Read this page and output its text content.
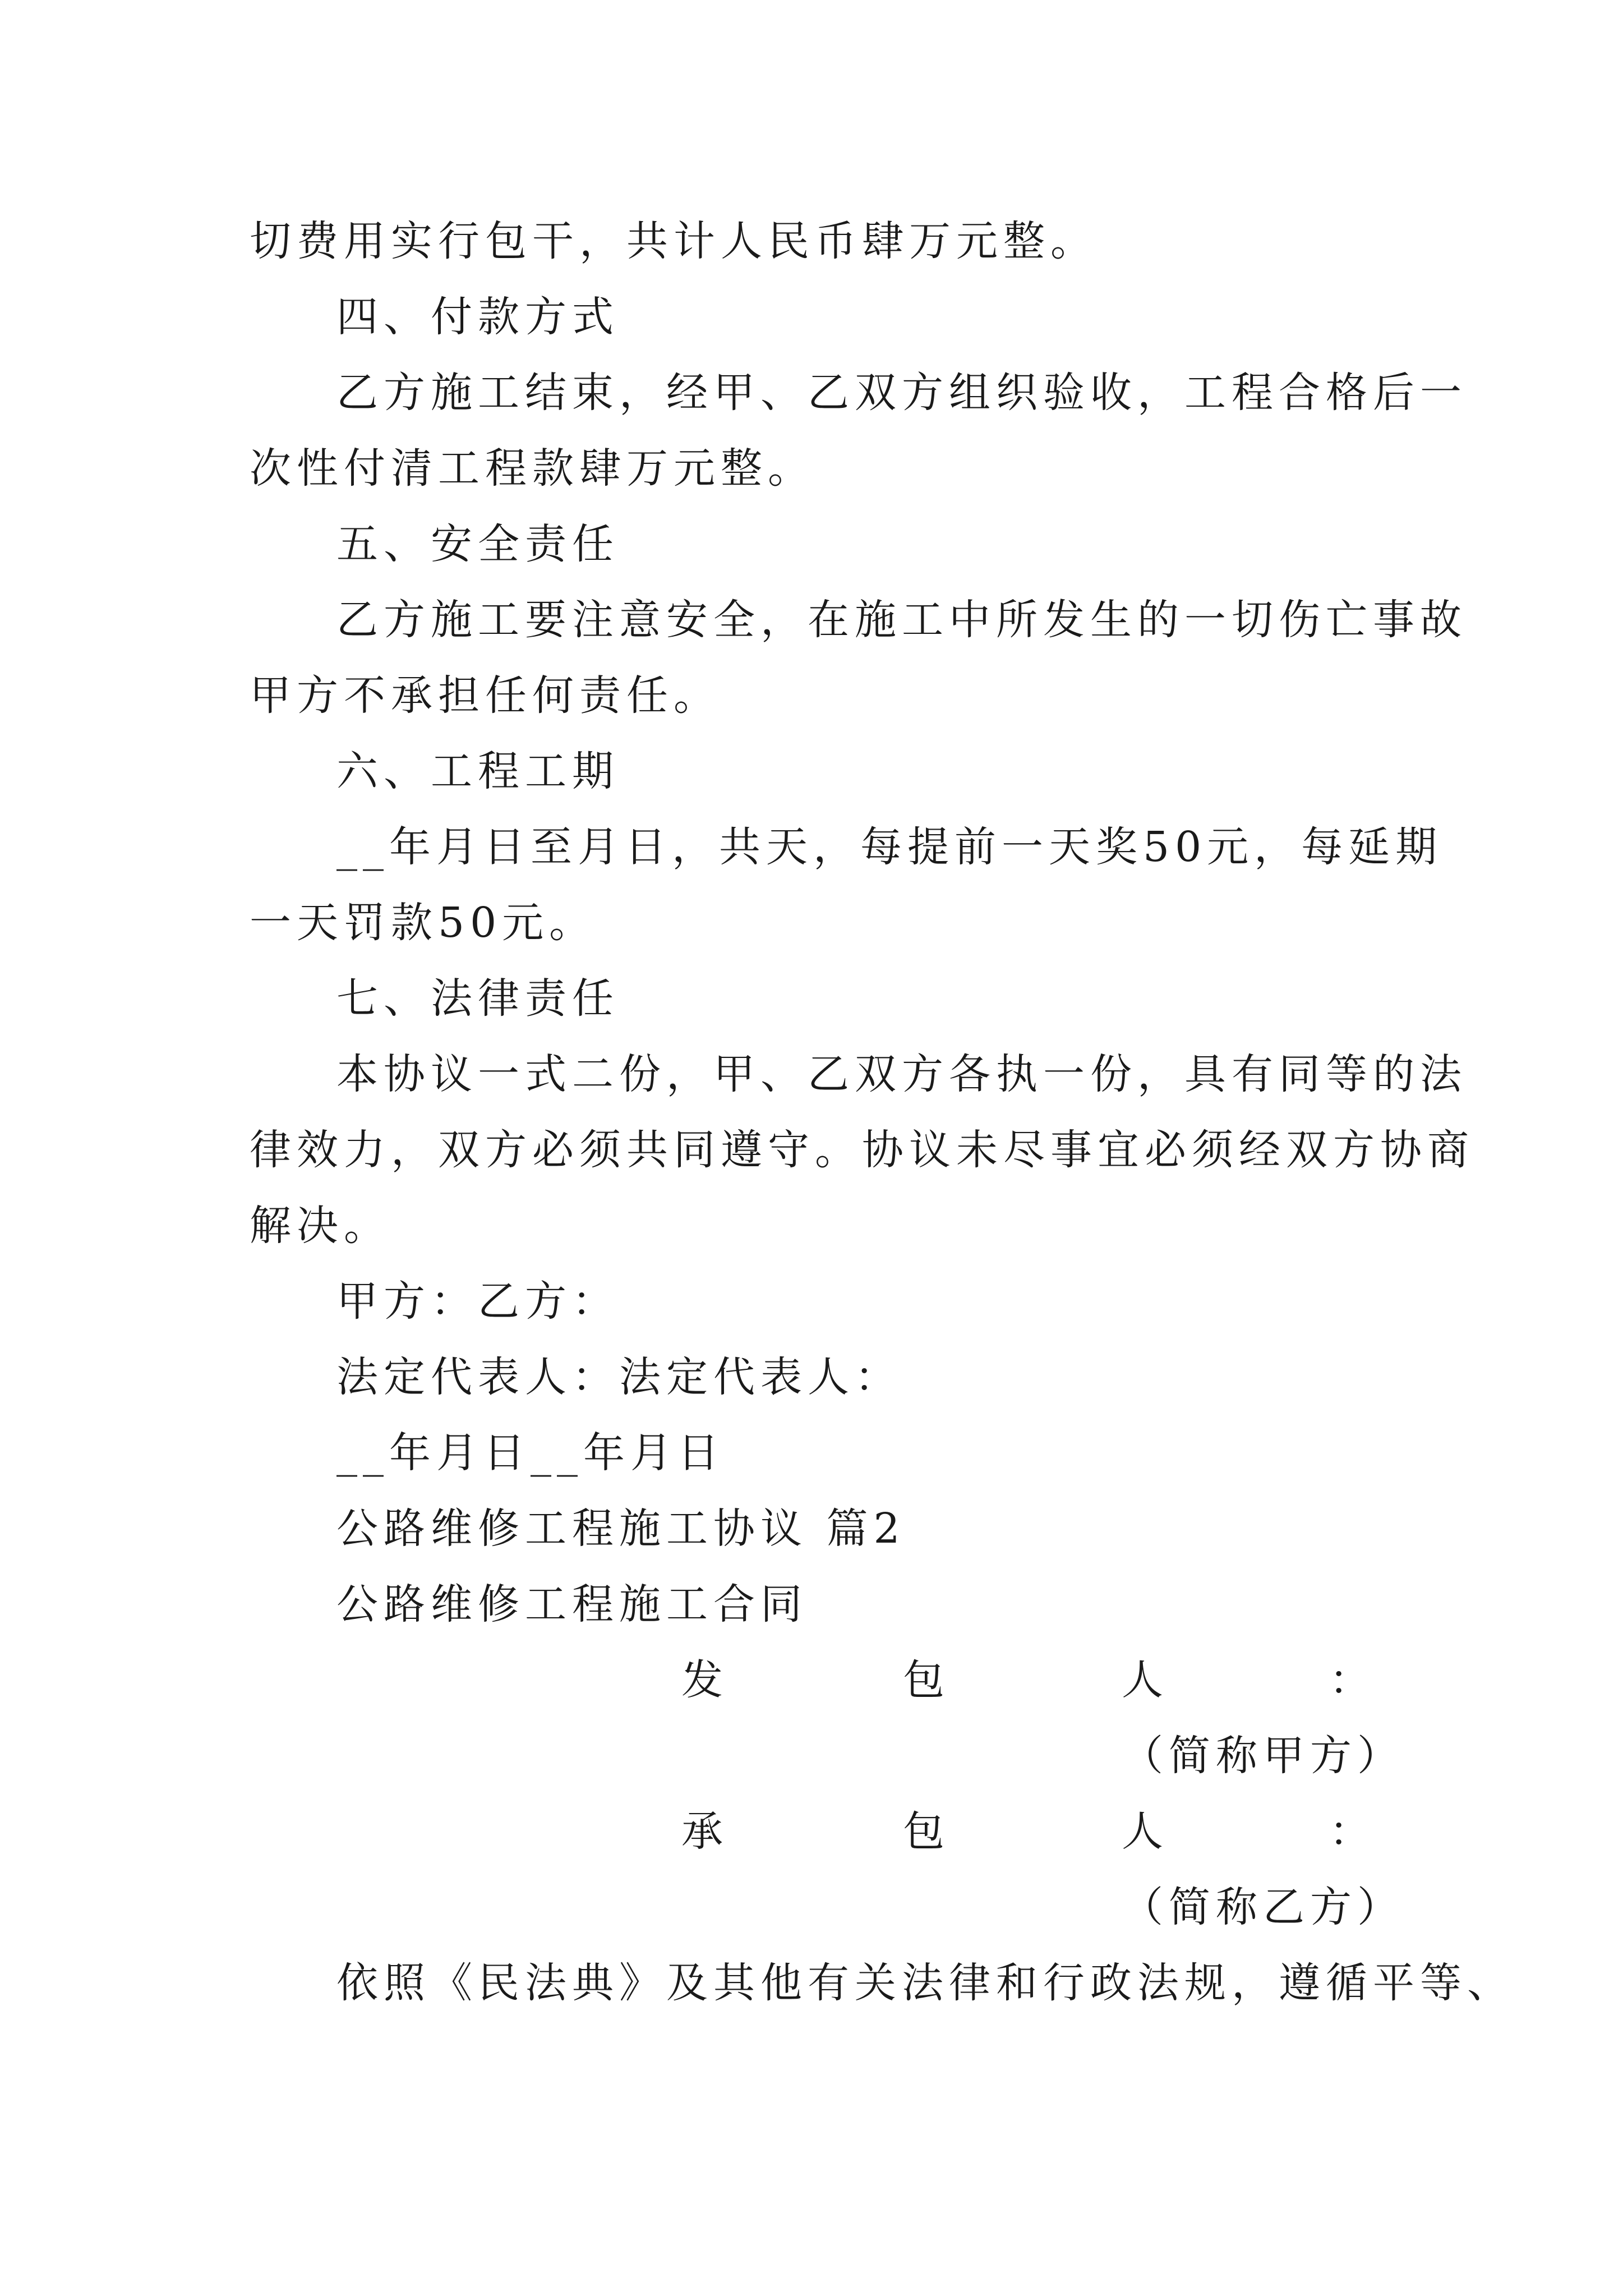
切费用实行包干，共计人民币肆万元整。
四、付款方式
乙方施工结束，经甲、乙双方组织验收，工程合格后一
次性付清工程款肆万元整。
五、安全责任
乙方施工要注意安全，在施工中所发生的一切伤亡事故
甲方不承担任何责任。
六、工程工期
__年月日至月日，共天，每提前一天奖50元，每延期
一天罚款50元。
七、法律责任
本协议一式二份，甲、乙双方各执一份，具有同等的法
律效力，双方必须共同遵守。协议未尽事宜必须经双方协商
解决。
甲方：乙方：
法定代表人：法定代表人：
__年月日__年月日
公路维修工程施工协议 篇2
公路维修工程施工合同
发	包	人	：
（简称甲方）
承	包	人	：
（简称乙方）
依照《民法典》及其他有关法律和行政法规，遵循平等、
